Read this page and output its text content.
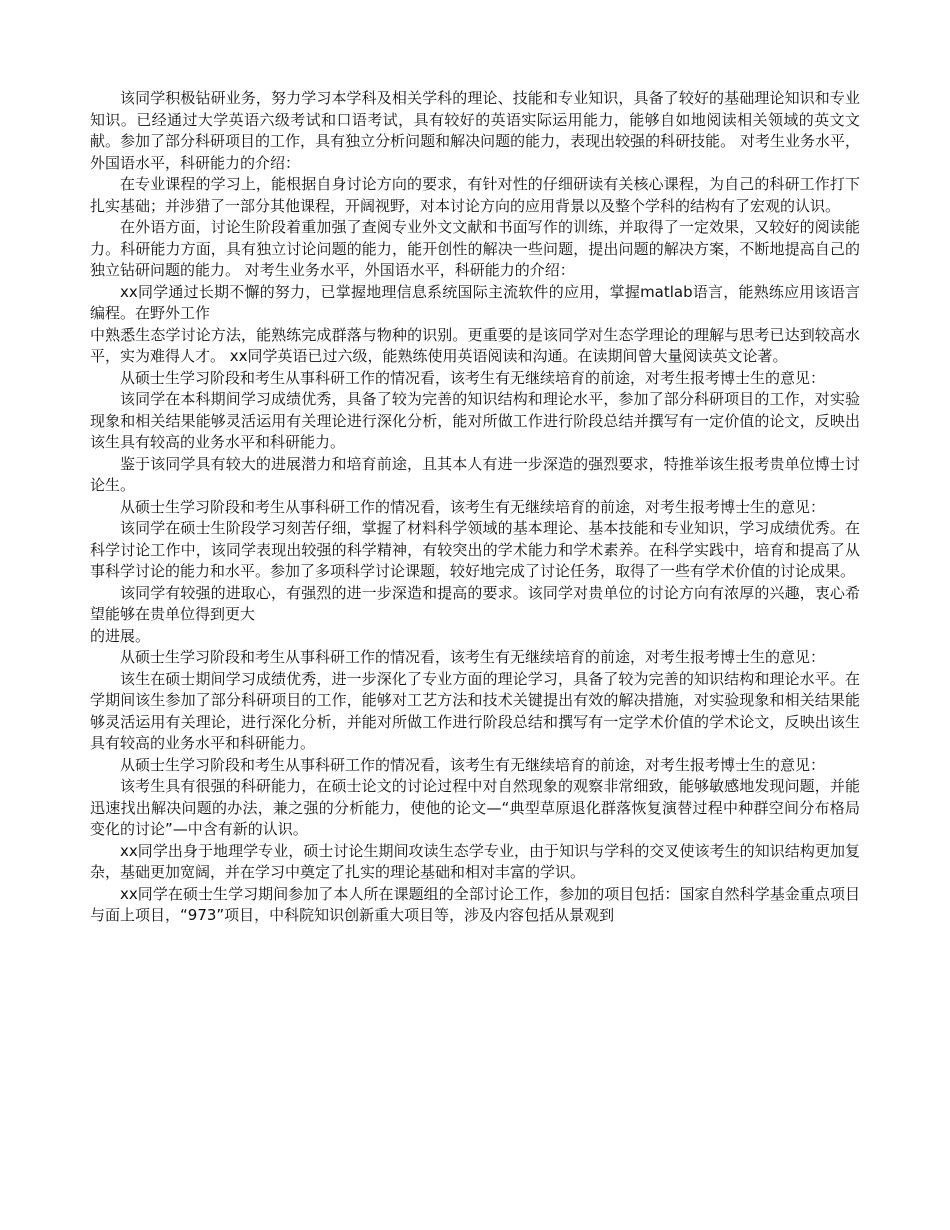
该同学积极钻研业务，努力学习本学科及相关学科的理论、技能和专业知识，具备了较好的基础理论知识和专业知识。已经通过大学英语六级考试和口语考试，具有较好的英语实际运用能力，能够自如地阅读相关领域的英文文献。参加了部分科研项目的工作，具有独立分析问题和解决问题的能力，表现出较强的科研技能。 对考生业务水平，外国语水平，科研能力的介绍：

在专业课程的学习上，能根据自身讨论方向的要求，有针对性的仔细研读有关核心课程，为自己的科研工作打下扎实基础；并涉猎了一部分其他课程，开阔视野，对本讨论方向的应用背景以及整个学科的结构有了宏观的认识。

在外语方面，讨论生阶段着重加强了查阅专业外文文献和书面写作的训练，并取得了一定效果，又较好的阅读能力。科研能力方面，具有独立讨论问题的能力，能开创性的解决一些问题，提出问题的解决方案，不断地提高自己的独立钻研问题的能力。 对考生业务水平，外国语水平，科研能力的介绍：

xx同学通过长期不懈的努力，已掌握地理信息系统国际主流软件的应用，掌握matlab语言，能熟练应用该语言编程。在野外工作

中熟悉生态学讨论方法，能熟练完成群落与物种的识别。更重要的是该同学对生态学理论的理解与思考已达到较高水平，实为难得人才。 xx同学英语已过六级，能熟练使用英语阅读和沟通。在读期间曾大量阅读英文论著。

从硕士生学习阶段和考生从事科研工作的情况看，该考生有无继续培育的前途，对考生报考博士生的意见：

该同学在本科期间学习成绩优秀，具备了较为完善的知识结构和理论水平，参加了部分科研项目的工作，对实验现象和相关结果能够灵活运用有关理论进行深化分析，能对所做工作进行阶段总结并撰写有一定价值的论文，反映出该生具有较高的业务水平和科研能力。

鉴于该同学具有较大的进展潜力和培育前途，且其本人有进一步深造的强烈要求，特推举该生报考贵单位博士讨论生。

从硕士生学习阶段和考生从事科研工作的情况看，该考生有无继续培育的前途，对考生报考博士生的意见：

该同学在硕士生阶段学习刻苦仔细，掌握了材料科学领域的基本理论、基本技能和专业知识，学习成绩优秀。在科学讨论工作中，该同学表现出较强的科学精神，有较突出的学术能力和学术素养。在科学实践中，培育和提高了从事科学讨论的能力和水平。参加了多项科学讨论课题，较好地完成了讨论任务，取得了一些有学术价值的讨论成果。

该同学有较强的进取心，有强烈的进一步深造和提高的要求。该同学对贵单位的讨论方向有浓厚的兴趣，衷心希望能够在贵单位得到更大

的进展。

从硕士生学习阶段和考生从事科研工作的情况看，该考生有无继续培育的前途，对考生报考博士生的意见：

该生在硕士期间学习成绩优秀，进一步深化了专业方面的理论学习，具备了较为完善的知识结构和理论水平。在学期间该生参加了部分科研项目的工作，能够对工艺方法和技术关键提出有效的解决措施，对实验现象和相关结果能够灵活运用有关理论，进行深化分析，并能对所做工作进行阶段总结和撰写有一定学术价值的学术论文，反映出该生具有较高的业务水平和科研能力。

从硕士生学习阶段和考生从事科研工作的情况看，该考生有无继续培育的前途，对考生报考博士生的意见：

该考生具有很强的科研能力，在硕士论文的讨论过程中对自然现象的观察非常细致，能够敏感地发现问题，并能迅速找出解决问题的办法，兼之强的分析能力，使他的论文—“典型草原退化群落恢复演替过程中种群空间分布格局变化的讨论”—中含有新的认识。

xx同学出身于地理学专业，硕士讨论生期间攻读生态学专业，由于知识与学科的交叉使该考生的知识结构更加复杂，基础更加宽阔，并在学习中奠定了扎实的理论基础和相对丰富的学识。

xx同学在硕士生学习期间参加了本人所在课题组的全部讨论工作，参加的项目包括：国家自然科学基金重点项目与面上项目，“973”项目，中科院知识创新重大项目等，涉及内容包括从景观到
